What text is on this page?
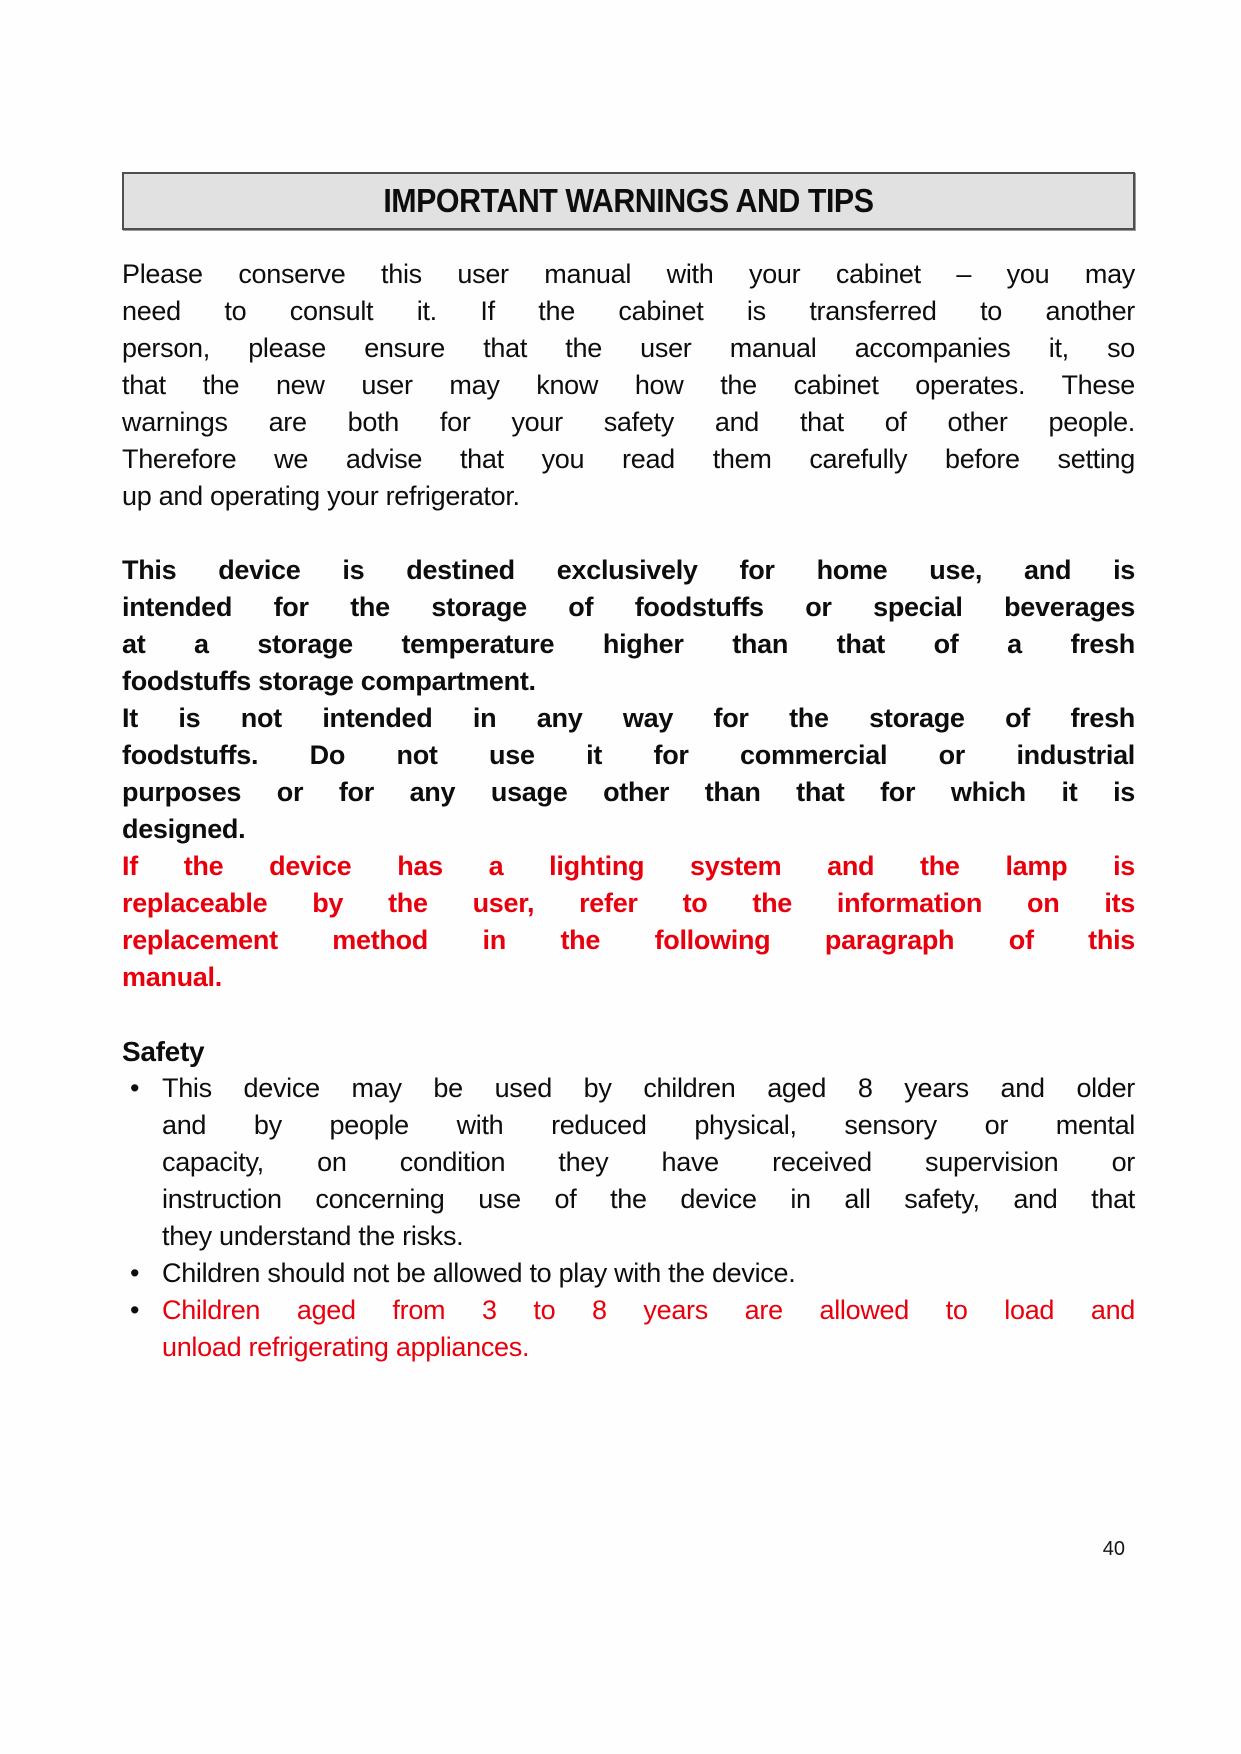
IMPORTANT WARNINGS AND TIPS
Please conserve this user manual with your cabinet – you may
need to consult it. If the cabinet is transferred to another
person, please ensure that the user manual accompanies it, so
that the new user may know how the cabinet operates. These
warnings are both for your safety and that of other people.
Therefore we advise that you read them carefully before setting
up and operating your refrigerator.
This device is destined exclusively for home use, and is
intended for the storage of foodstuffs or special beverages
at a storage temperature higher than that of a fresh
foodstuffs storage compartment.
It is not intended in any way for the storage of fresh
foodstuffs. Do not use it for commercial or industrial
purposes or for any usage other than that for which it is
designed.
If the device has a lighting system and the lamp is
replaceable by the user, refer to the information on its
replacement method in the following paragraph of this
manual.
Safety
• This device may be used by children aged 8 years and older
and by people with reduced physical, sensory or mental
capacity, on condition they have received supervision or
instruction concerning use of the device in all safety, and that
they understand the risks.
• Children should not be allowed to play with the device.
• Children aged from 3 to 8 years are allowed to load and
unload refrigerating appliances.
40
